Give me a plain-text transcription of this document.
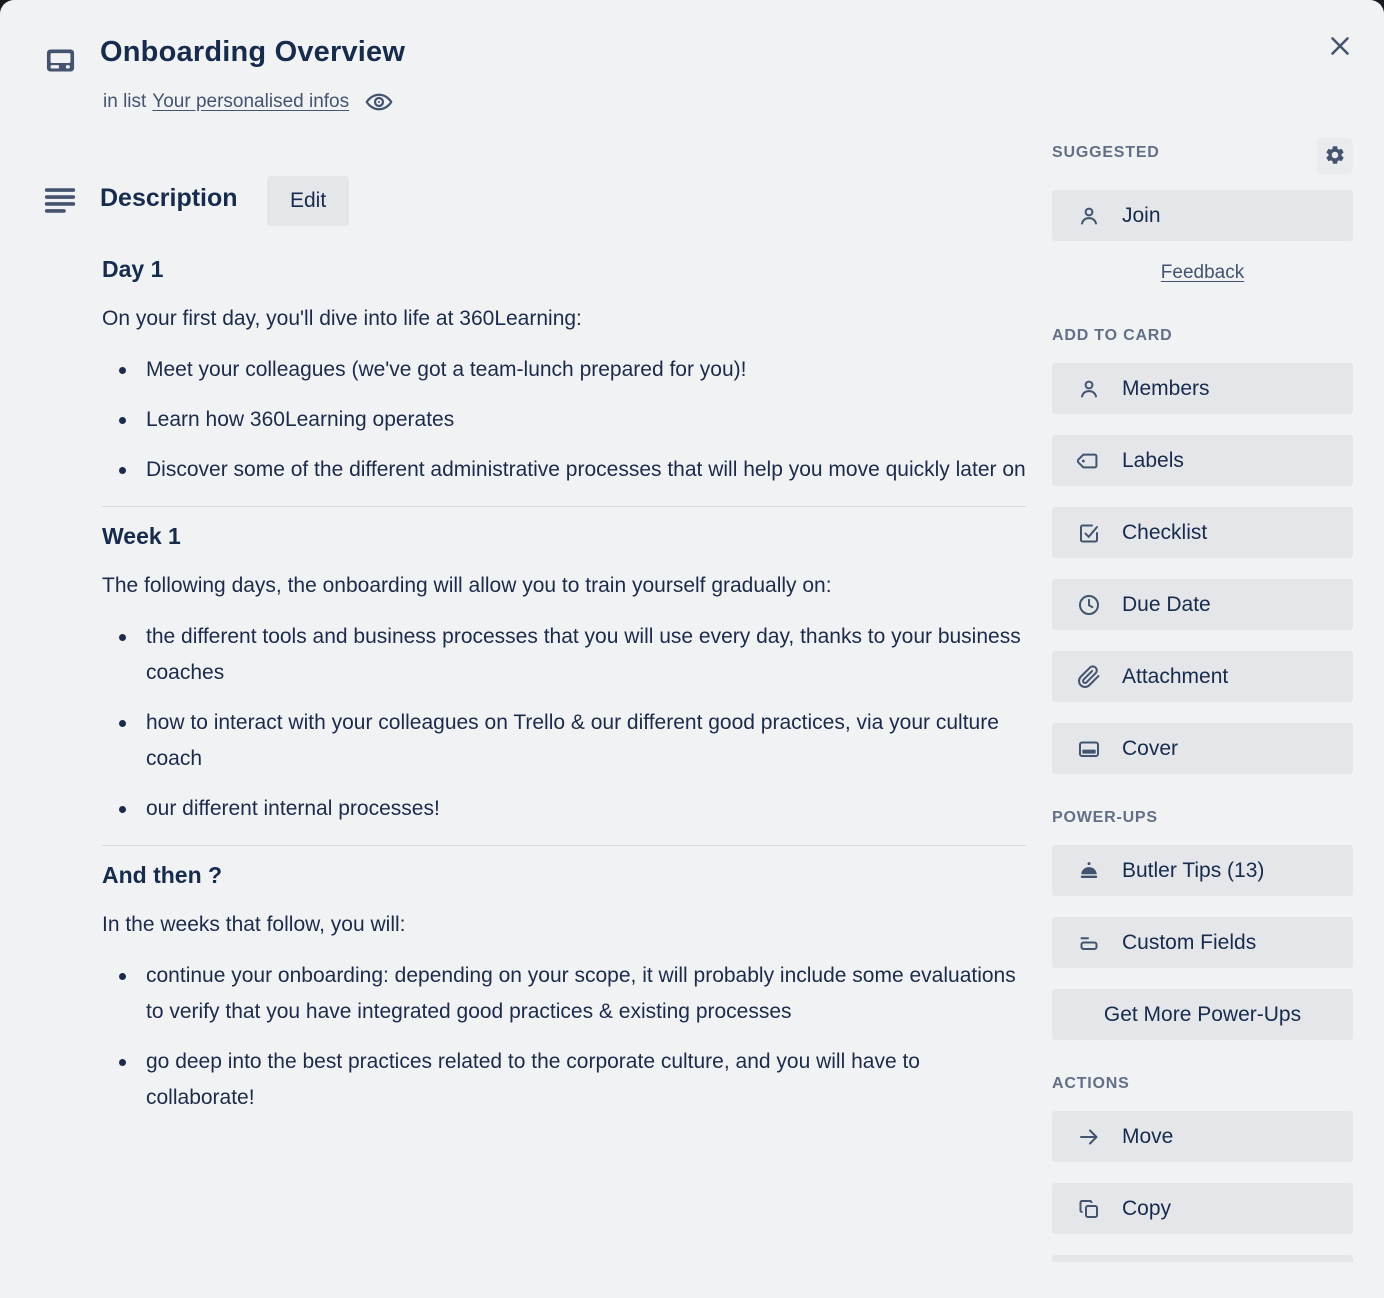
Onboarding Overview
in list Your personalised infos
Description	Edit
Day 1

On your first day, you'll dive into life at 360Learning:

Meet your colleagues (we've got a team-lunch prepared for you)!
Learn how 360Learning operates
Discover some of the different administrative processes that will help you move quickly later on
Week 1

The following days, the onboarding will allow you to train yourself gradually on:

the different tools and business processes that you will use every day, thanks to your business coaches
how to interact with your colleagues on Trello & our different good practices, via your culture coach
our different internal processes!
And then ?

In the weeks that follow, you will:

continue your onboarding: depending on your scope, it will probably include some evaluations to verify that you have integrated good practices & existing processes
go deep into the best practices related to the corporate culture, and you will have to collaborate!
SUGGESTED
Join
Feedback
ADD TO CARD
Members
Labels
Checklist
Due Date
Attachment
Cover
POWER-UPS
Butler Tips (13)
Custom Fields
Get More Power-Ups
ACTIONS
Move
Copy
